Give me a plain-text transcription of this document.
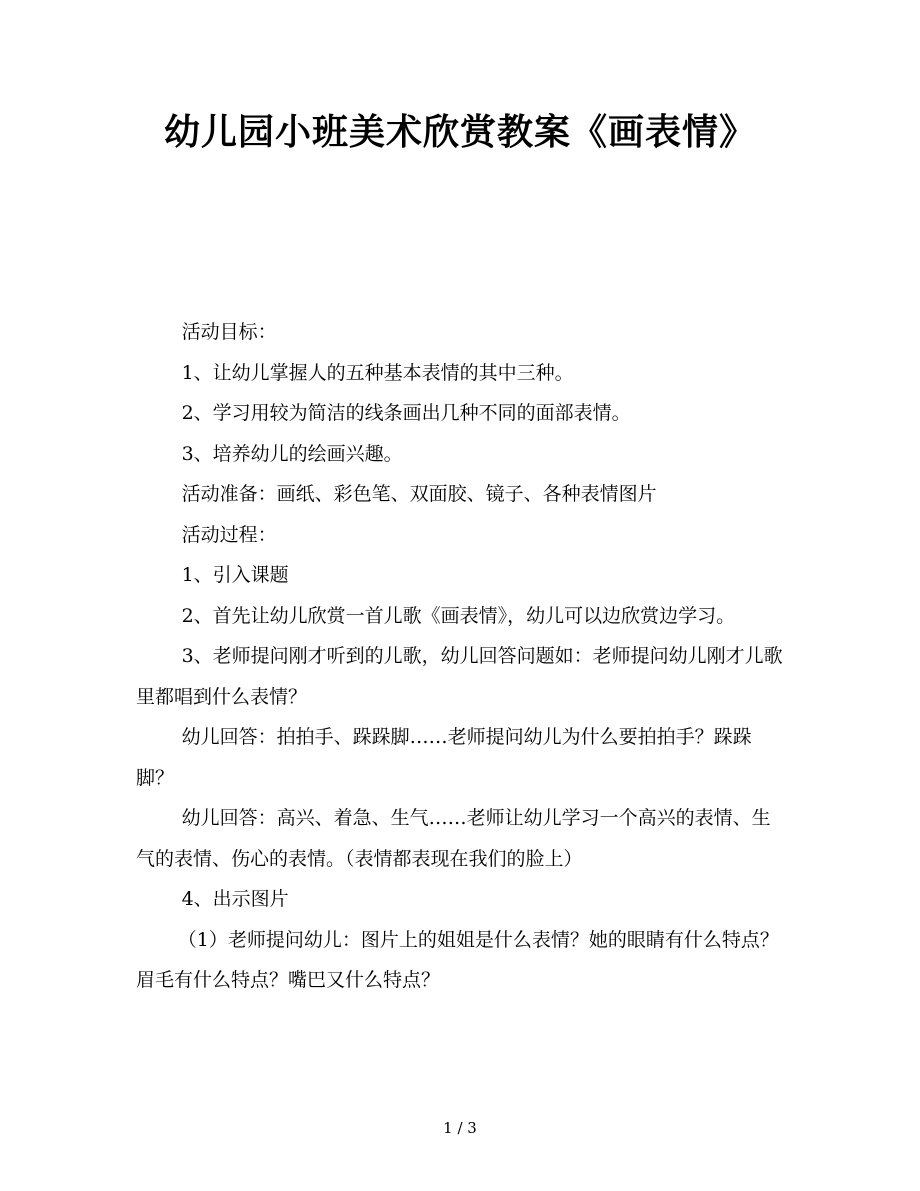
幼儿园小班美术欣赏教案《画表情》

活动目标：

1、让幼儿掌握人的五种基本表情的其中三种。

2、学习用较为简洁的线条画出几种不同的面部表情。

3、培养幼儿的绘画兴趣。

活动准备：画纸、彩色笔、双面胶、镜子、各种表情图片

活动过程：

1、引入课题

2、首先让幼儿欣赏一首儿歌《画表情》，幼儿可以边欣赏边学习。

3、老师提问刚才听到的儿歌，幼儿回答问题如：老师提问幼儿刚才儿歌里都唱到什么表情？

幼儿回答：拍拍手、跺跺脚……老师提问幼儿为什么要拍拍手？跺跺脚？

幼儿回答：高兴、着急、生气……老师让幼儿学习一个高兴的表情、生气的表情、伤心的表情。（表情都表现在我们的脸上）

4、出示图片

（1）老师提问幼儿：图片上的姐姐是什么表情？她的眼睛有什么特点？眉毛有什么特点？嘴巴又什么特点？

1 / 3
